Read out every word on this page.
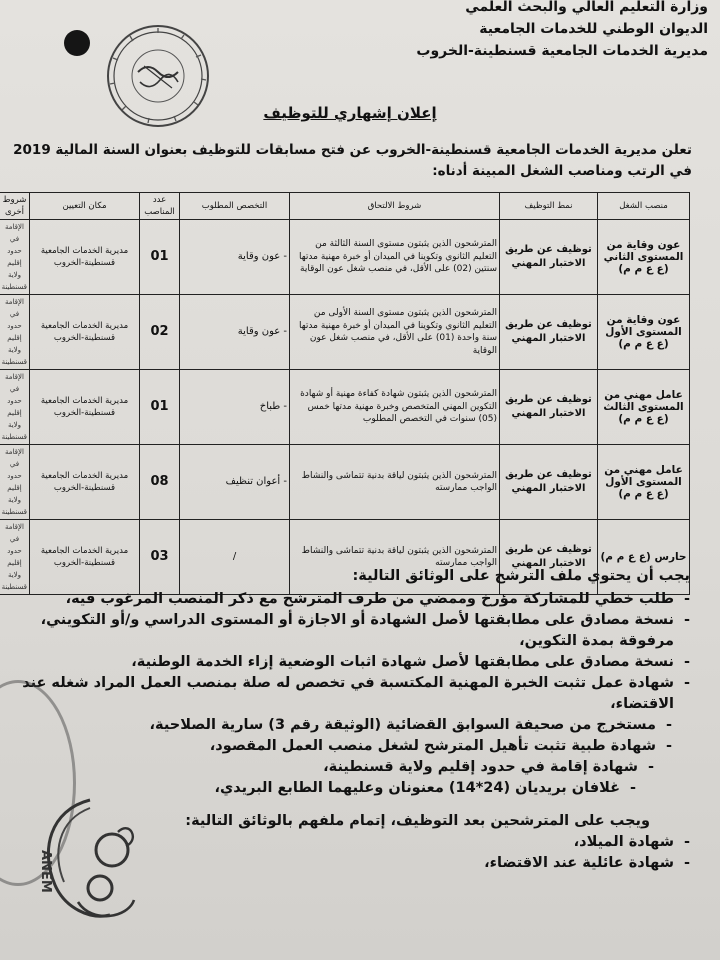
وزارة التعليم العالي والبحث العلمي
الديوان الوطني للخدمات الجامعية
مديرية الخدمات الجامعية قسنطينة-الخروب
إعلان إشهاري للتوظيف
تعلن مديرية الخدمات الجامعية قسنطينة-الخروب عن فتح مسابقات للتوظيف بعنوان السنة المالية 2019
في الرتب ومناصب الشغل المبينة أدناه:
منصب الشغل	نمط التوظيف	شروط الالتحاق	التخصص المطلوب	عدد المناصب	مكان التعيين	شروط أخرى
عون وقاية من المستوى الثاني (ع ع م م)	توظيف عن طريق الاختبار المهني	المترشحون الذين يثبتون مستوى السنة الثالثة من التعليم الثانوي وتكوينا في الميدان أو خبرة مهنية مدتها سنتين (02) على الأقل، في منصب شغل عون الوقاية	- عون وقاية	01	مديرية الخدمات الجامعية قسنطينة-الخروب	الإقامة في حدود إقليم ولاية قسنطينة
عون وقاية من المستوى الأول (ع ع م م)	توظيف عن طريق الاختبار المهني	المترشحون الذين يثبتون مستوى السنة الأولى من التعليم الثانوي وتكوينا في الميدان أو خبرة مهنية مدتها سنة واحدة (01) على الأقل، في منصب شغل عون الوقاية	- عون وقاية	02	مديرية الخدمات الجامعية قسنطينة-الخروب	الإقامة في حدود إقليم ولاية قسنطينة
عامل مهني من المستوى الثالث (ع ع م م)	توظيف عن طريق الاختبار المهني	المترشحون الذين يثبتون شهادة كفاءة مهنية أو شهادة التكوين المهني المتخصص وخبرة مهنية مدتها خمس (05) سنوات في التخصص المطلوب	- طباخ	01	مديرية الخدمات الجامعية قسنطينة-الخروب	الإقامة في حدود إقليم ولاية قسنطينة
عامل مهني من المستوى الأول (ع ع م م)	توظيف عن طريق الاختبار المهني	المترشحون الذين يثبتون لياقة بدنية تتماشى والنشاط الواجب ممارسته	- أعوان تنظيف	08	مديرية الخدمات الجامعية قسنطينة-الخروب	الإقامة في حدود إقليم ولاية قسنطينة
حارس (ع ع م م)	توظيف عن طريق الاختبار المهني	المترشحون الذين يثبتون لياقة بدنية تتماشى والنشاط الواجب ممارسته	/	03	مديرية الخدمات الجامعية قسنطينة-الخروب	الإقامة في حدود إقليم ولاية قسنطينة
يجب أن يحتوي ملف الترشح على الوثائق التالية:
- طلب خطي للمشاركة مؤرخ وممضي من طرف المترشح مع ذكر المنصب المرغوب فيه،
- نسخة مصادق على مطابقتها لأصل الشهادة أو الاجازة أو المستوى الدراسي و/أو التكويني، مرفوقة بمدة التكوين،
- نسخة مصادق على مطابقتها لأصل شهادة اثبات الوضعية إزاء الخدمة الوطنية،
- شهادة عمل تثبت الخبرة المهنية المكتسبة في تخصص له صلة بمنصب العمل المراد شغله عند الاقتضاء،
- مستخرج من صحيفة السوابق القضائية (الوثيقة رقم 3) سارية الصلاحية،
- شهادة طبية تثبت تأهيل المترشح لشغل منصب العمل المقصود،
- شهادة إقامة في حدود إقليم ولاية قسنطينة،
- غلافان بريديان (24*14) معنونان وعليهما الطابع البريدي،
ويجب على المترشحين بعد التوظيف، إتمام ملفهم بالوثائق التالية:
- شهادة الميلاد،
- شهادة عائلية عند الاقتضاء،
ANEM
